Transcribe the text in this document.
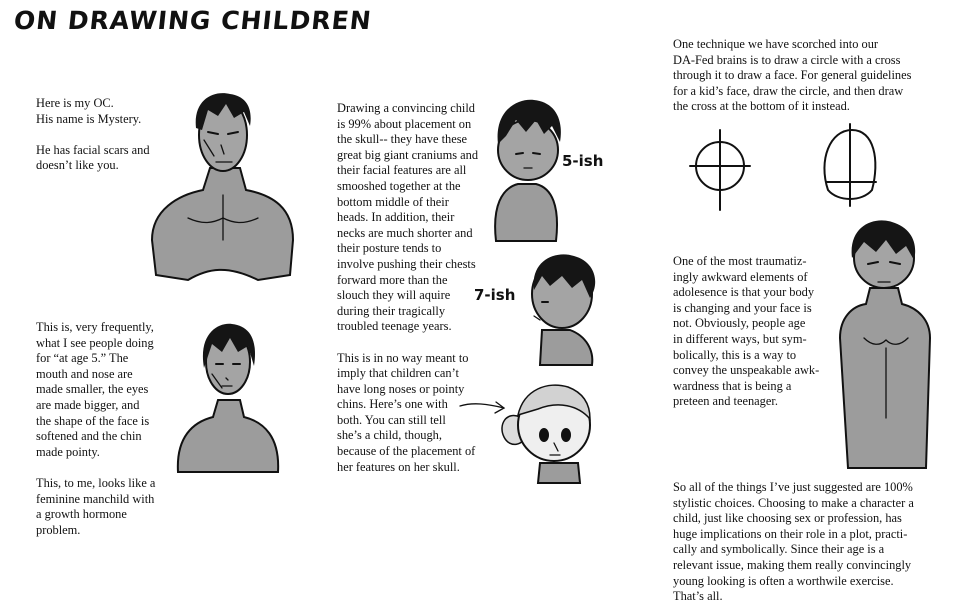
ON DRAWING CHILDREN
Here is my OC.
His name is Mystery.

He has facial scars and
doesn’t like you.
This is, very frequently,
what I see people doing
for “at age 5.” The
mouth and nose are
made smaller, the eyes
are made bigger, and
the shape of the face is
softened and the chin
made pointy.

This, to me, looks like a
feminine manchild with
a growth hormone
problem.
Drawing a convincing child
is 99% about placement on
the skull-- they have these
great big giant craniums and
their facial features are all
smooshed together at the
bottom middle of their
heads. In addition, their
necks are much shorter and
their posture tends to
involve pushing their chests
forward more than the
slouch they will aquire
during their tragically
troubled teenage years.

This is in no way meant to
imply that children can’t
have long noses or pointy
chins. Here’s one with
both. You can still tell
she’s a child, though,
because of the placement of
her features on her skull.
One technique we have scorched into our
DA-Fed brains is to draw a circle with a cross
through it to draw a face. For general guidelines
for a kid’s face, draw the circle, and then draw
the cross at the bottom of it instead.
One of the most traumatiz-
ingly awkward elements of
adolesence is that your body
is changing and your face is
not. Obviously, people age
in different ways, but sym-
bolically, this is a way to
convey the unspeakable awk-
wardness that is being a
preteen and teenager.
So all of the things I’ve just suggested are 100%
stylistic choices. Choosing to make a character a
child, just like choosing sex or profession, has
huge implications on their role in a plot, practi-
cally and symbolically. Since their age is a
relevant issue, making them really convincingly
young looking is often a worthwile exercise.
That’s all.
5-ish
7-ish
